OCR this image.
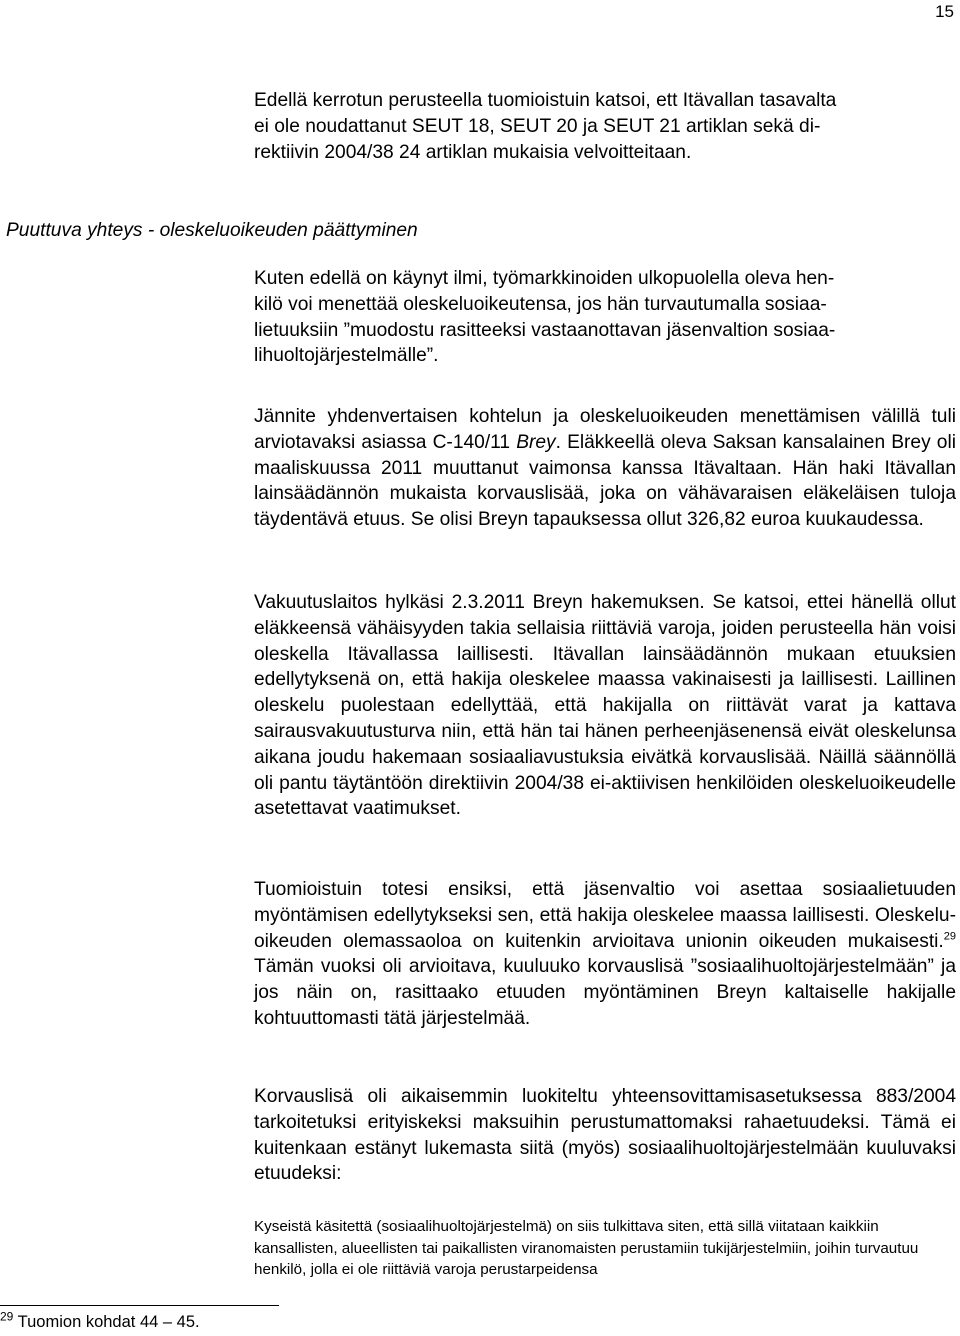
15

Edellä kerrotun perusteella tuomioistuin katsoi, ett Itävallan tasavalta
ei ole noudattanut SEUT 18, SEUT 20 ja SEUT 21 artiklan sekä di-
rektiivin 2004/38 24 artiklan mukaisia velvoitteitaan.

Puuttuva yhteys - oleskeluoikeuden päättyminen

Kuten edellä on käynyt ilmi, työmarkkinoiden ulkopuolella oleva hen-
kilö voi menettää oleskeluoikeutensa, jos hän turvautumalla sosiaa-
lietuuksiin ”muodostu rasitteeksi vastaanottavan jäsenvaltion sosiaa-
lihuoltojärjestelmälle”.

Jännite yhdenvertaisen kohtelun ja oleskeluoikeuden menettämisen välillä tuli arviotavaksi asiassa C-140/11 Brey. Eläkkeellä oleva Saksan kansalainen Brey oli maaliskuussa 2011 muuttanut vaimonsa kanssa Itävaltaan. Hän haki Itävallan lainsäädännön mukaista korvauslisää, joka on vähävaraisen eläkeläisen tuloja täydentävä etuus. Se olisi Breyn tapauksessa ollut 326,82 euroa kuukaudessa.

Vakuutuslaitos hylkäsi 2.3.2011 Breyn hakemuksen. Se katsoi, ettei hänellä ollut eläkkeensä vähäisyyden takia sellaisia riittäviä varoja, joiden perusteella hän voisi oleskella Itävallassa laillisesti. Itävallan lainsäädännön mukaan etuuksien edellytyksenä on, että hakija oleskelee maassa vakinaisesti ja laillisesti. Laillinen oleskelu puolestaan edellyttää, että hakijalla on riittävät varat ja kattava sairausvakuutusturva niin, että hän tai hänen perheenjäsenensä eivät oleskelunsa aikana joudu hakemaan sosiaaliavustuksia eivätkä korvauslisää. Näillä säännöllä oli pantu täytäntöön direktiivin 2004/38 ei-aktiivisen henkilöiden oleskeluoikeudelle asetettavat vaatimukset.

Tuomioistuin totesi ensiksi, että jäsenvaltio voi asettaa sosiaalietuuden myöntämisen edellytykseksi sen, että hakija oleskelee maassa laillisesti. Oleskelu-oikeuden olemassaoloa on kuitenkin arvioitava unionin oikeuden mukaisesti.$^{29}$ Tämän vuoksi oli arvioitava, kuuluuko korvauslisä ”sosiaalihuoltojärjestelmään” ja jos näin on, rasittaako etuuden myöntäminen Breyn kaltaiselle hakijalle kohtuuttomasti tätä järjestelmää.

Korvauslisä oli aikaisemmin luokiteltu yhteensovittamisasetuksessa 883/2004 tarkoitetuksi erityiskeksi maksuihin perustumattomaksi rahaetuudeksi. Tämä ei kuitenkaan estänyt lukemasta siitä (myös) sosiaalihuoltojärjestelmään kuuluvaksi etuudeksi:

Kyseistä käsitettä (sosiaalihuoltojärjestelmä) on siis tulkittava siten, että sillä viitataan kaikkiin kansallisten, alueellisten tai paikallisten viranomaisten perustamiin tukijärjestelmiin, joihin turvautuu henkilö, jolla ei ole riittäviä varoja perustarpeidensa

$^{29}$ Tuomion kohdat 44 – 45.
